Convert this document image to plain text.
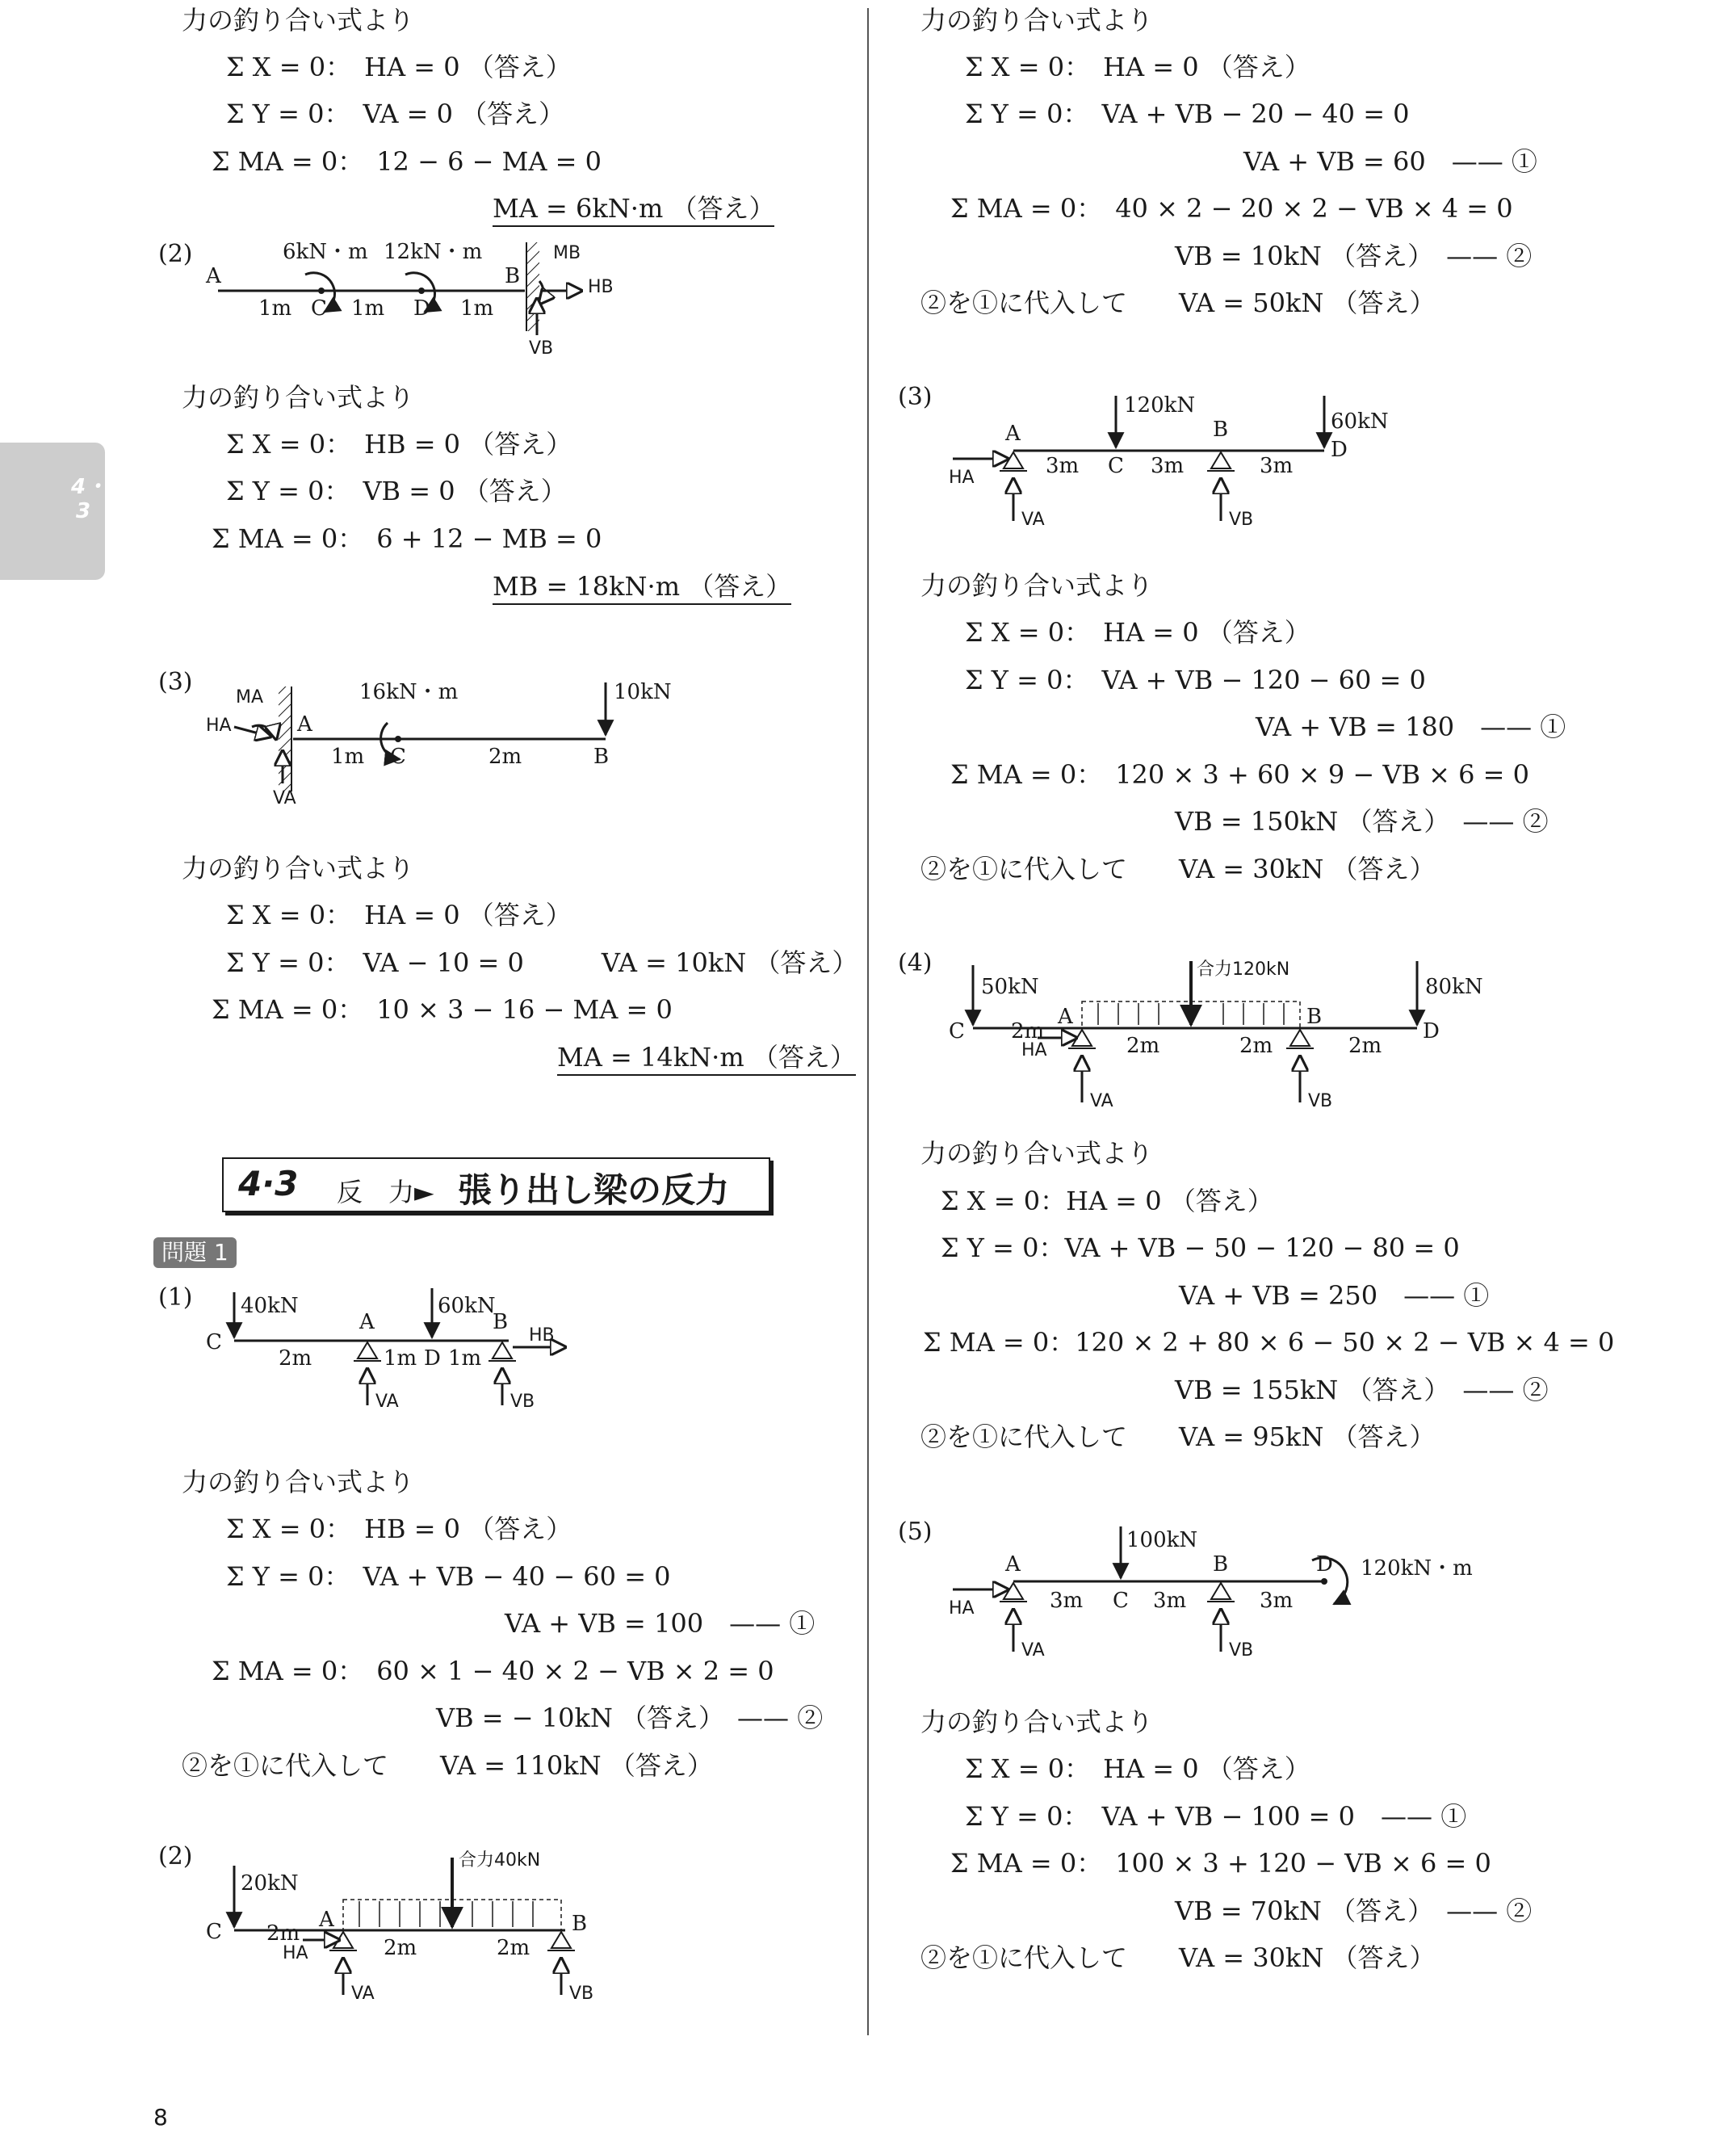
4・3
力の釣り合い式より
Σ X = 0：　HA = 0 （答え）
Σ Y = 0：　VA = 0 （答え）
Σ MA = 0：　12 − 6 − MA = 0
MA = 6kN·m （答え）
(2)
力の釣り合い式より
Σ X = 0：　HB = 0 （答え）
Σ Y = 0：　VB = 0 （答え）
Σ MA = 0：　6 + 12 − MB = 0
MB = 18kN·m （答え）
(3)
力の釣り合い式より
Σ X = 0：　HA = 0 （答え）
Σ Y = 0：　VA − 10 = 0　　　VA = 10kN （答え）
Σ MA = 0：　10 × 3 − 16 − MA = 0
MA = 14kN·m （答え）
4·3 反　力► 張り出し梁の反力
問題 1
(1)
力の釣り合い式より
Σ X = 0：　HB = 0 （答え）
Σ Y = 0：　VA + VB − 40 − 60 = 0
VA + VB = 100　—— ①
Σ MA = 0：　60 × 1 − 40 × 2 − VB × 2 = 0
VB = − 10kN （答え）　—— ②
②を①に代入して　　VA = 110kN （答え）
(2)
力の釣り合い式より
Σ X = 0：　HA = 0 （答え）
Σ Y = 0：　VA + VB − 20 − 40 = 0
VA + VB = 60　—— ①
Σ MA = 0：　40 × 2 − 20 × 2 − VB × 4 = 0
VB = 10kN （答え）　—— ②
②を①に代入して　　VA = 50kN （答え）
(3)
力の釣り合い式より
Σ X = 0：　HA = 0 （答え）
Σ Y = 0：　VA + VB − 120 − 60 = 0
VA + VB = 180　—— ①
Σ MA = 0：　120 × 3 + 60 × 9 − VB × 6 = 0
VB = 150kN （答え）　—— ②
②を①に代入して　　VA = 30kN （答え）
(4)
力の釣り合い式より
Σ X = 0：HA = 0 （答え）
Σ Y = 0：VA + VB − 50 − 120 − 80 = 0
VA + VB = 250　—— ①
Σ MA = 0：120 × 2 + 80 × 6 − 50 × 2 − VB × 4 = 0
VB = 155kN （答え）　—— ②
②を①に代入して　　VA = 95kN （答え）
(5)
力の釣り合い式より
Σ X = 0：　HA = 0 （答え）
Σ Y = 0：　VA + VB − 100 = 0　—— ①
Σ MA = 0：　100 × 3 + 120 − VB × 6 = 0
VB = 70kN （答え）　—— ②
②を①に代入して　　VA = 30kN （答え）
8
A	B
C	D
6kN・m 12kN・m
1m	1m	1m
MB
HB
VB
A
B
C
16kN・m	10kN
1m	2m
MA
HA
VA
A	B
C
D
40kN	60kN
2m	1m 1m
HB
VA	VB
A	B
C
20kN
合力40kN
2m
2m	2m
HA
VA	VB
A	B
C
D
120kN
60kN
3m	3m	3m
HA
VA	VB
A	B
C	D
50kN
合力120kN
80kN
2m
2m	2m	2m
HA
VA	VB
A	B
C
D
100kN
120kN・m
3m	3m	3m
HA
VA	VB
